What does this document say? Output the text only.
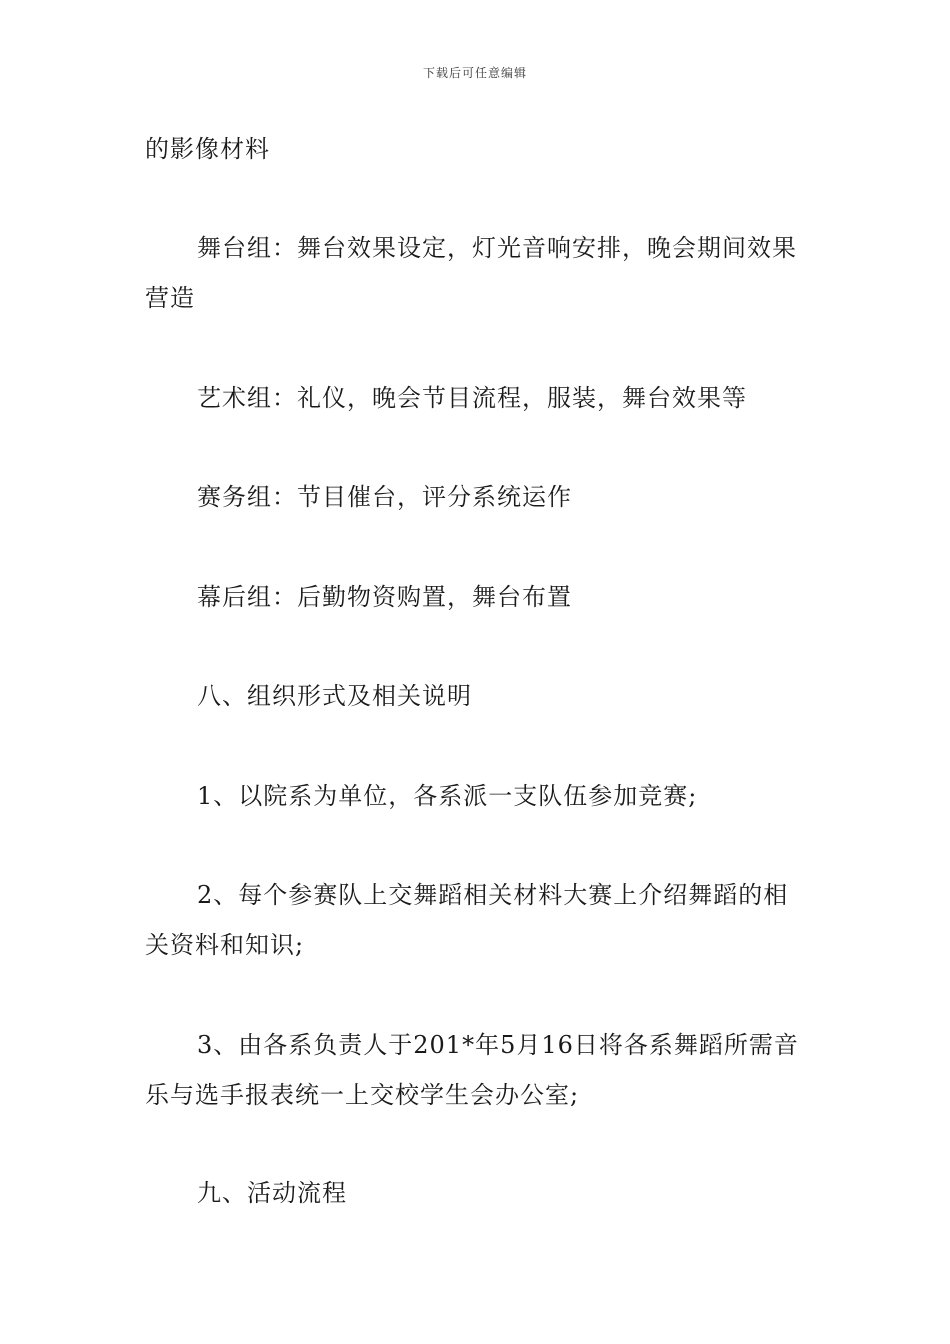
下载后可任意编辑

的影像材料

舞台组：舞台效果设定，灯光音响安排，晚会期间效果营造

艺术组：礼仪，晚会节目流程，服装，舞台效果等

赛务组：节目催台，评分系统运作

幕后组：后勤物资购置，舞台布置

八、组织形式及相关说明

1、以院系为单位，各系派一支队伍参加竞赛;

2、每个参赛队上交舞蹈相关材料大赛上介绍舞蹈的相关资料和知识;

3、由各系负责人于201*年5月16日将各系舞蹈所需音乐与选手报表统一上交校学生会办公室;

九、活动流程
